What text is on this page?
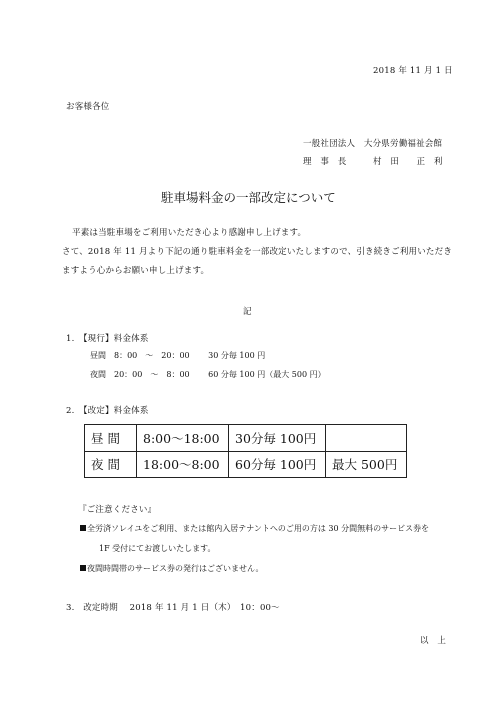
2018 年 11 月 1 日
お客様各位
一般社団法人　大分県労働福祉会館
理　事　長	村　田　　正　利
駐車場料金の一部改定について
平素は当駐車場をご利用いただき心より感謝申し上げます。
さて、2018 年 11 月より下記の通り駐車料金を一部改定いたしますので、引き続きご利用いただき
ますよう心からお願い申し上げます。
記
1.　【現行】料金体系
昼間　8：00　～　20：00　　 30 分毎 100 円
夜間　20：00　～　8：00　　 60 分毎 100 円（最大 500 円）
2.　【改定】料金体系
昼 間	8:00～18:00	30分毎 100円	
夜 間	18:00～8:00	60分毎 100円	最大 500円
『ご注意ください』
全労済ソレイユをご利用、または館内入居テナントへのご用の方は 30 分間無料のサービス券を
1F 受付にてお渡しいたします。
夜間時間帯のサービス券の発行はございません。
3.　改定時期　 2018 年 11 月 1 日（木）　10：00～
以　上
